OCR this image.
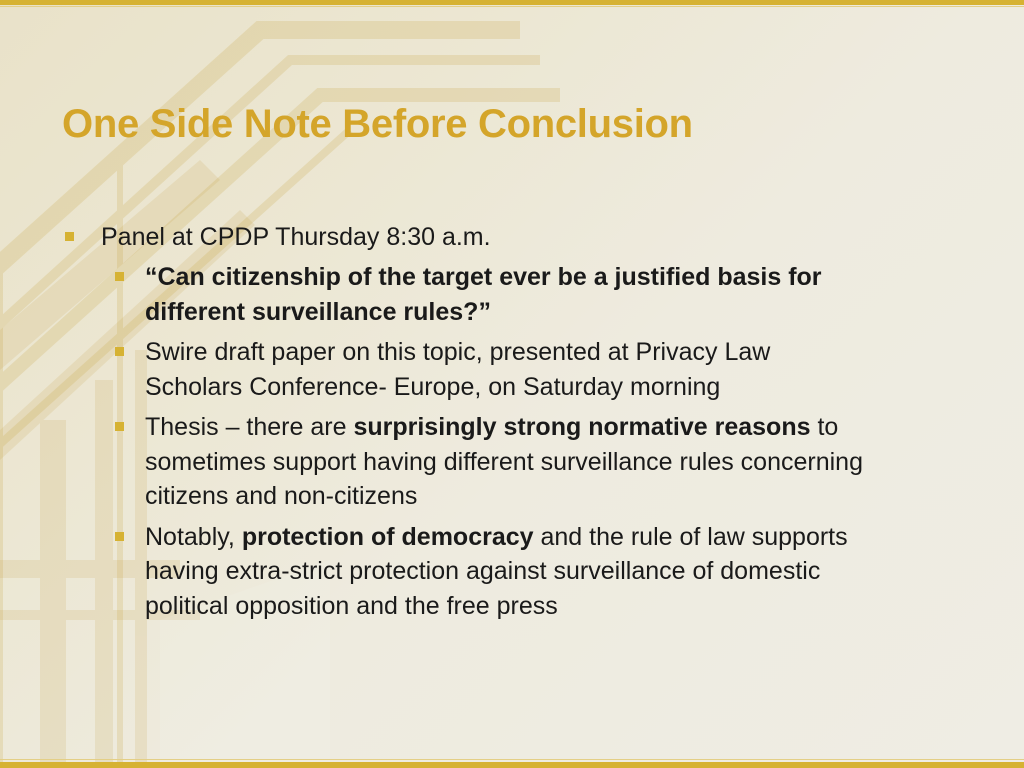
One Side Note Before Conclusion
Panel at CPDP Thursday 8:30 a.m.
“Can citizenship of the target ever be a justified basis for
different surveillance rules?”
Swire draft paper on this topic, presented at Privacy Law
Scholars Conference- Europe, on Saturday morning
Thesis – there are surprisingly strong normative reasons to
sometimes support having different surveillance rules concerning
citizens and non-citizens
Notably, protection of democracy and the rule of law supports
having extra-strict protection against surveillance of domestic
political opposition and the free press
